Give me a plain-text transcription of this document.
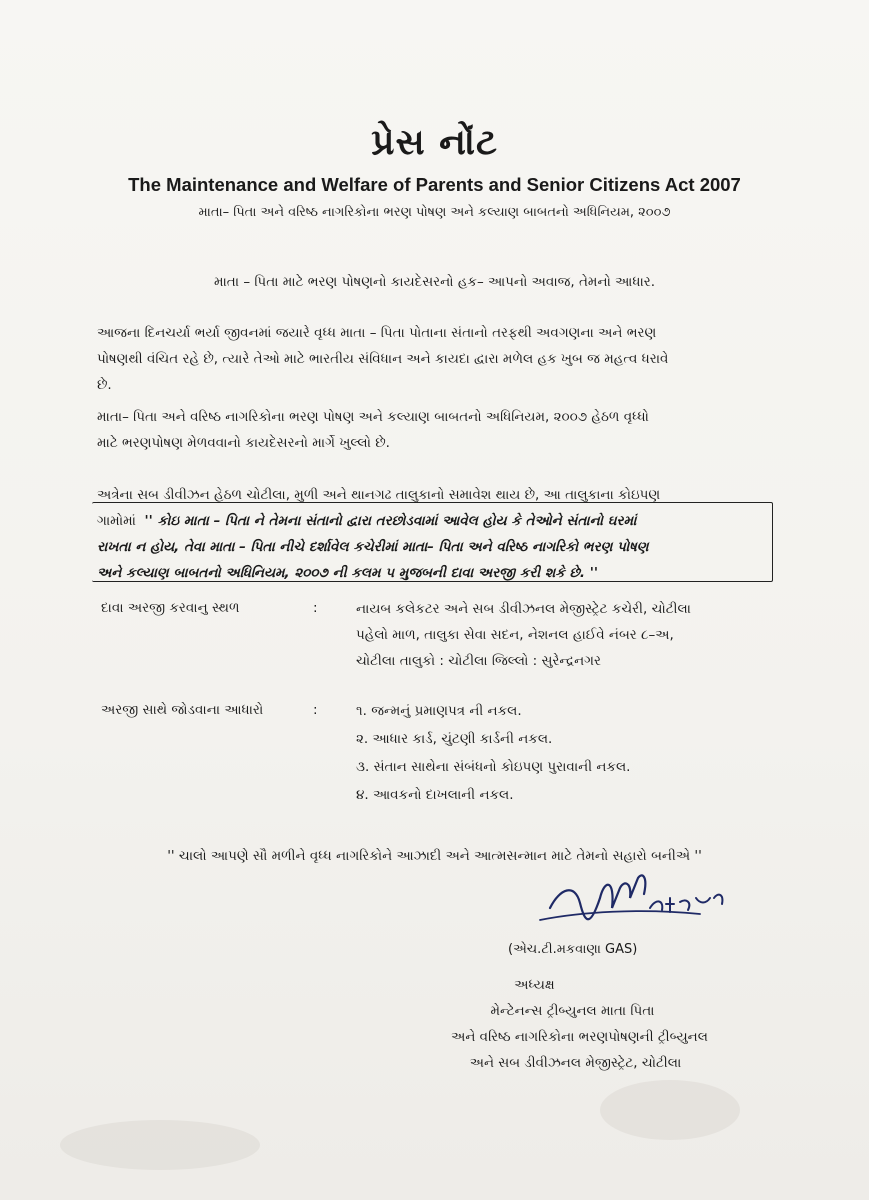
પ્રેસ નોંટ
The Maintenance and Welfare of Parents and Senior Citizens Act 2007
માતા– પિતા અને વરિષ્ઠ નાગરિકોના ભરણ પોષણ અને કલ્યાણ બાબતનો અધિનિયમ, ૨૦૦૭
માતા – પિતા માટે ભરણ પોષણનો કાયદેસરનો હક– આપનો અવાજ, તેમનો આધાર.
આજના દિનચર્યા ભર્યા જીવનમાં જયારે વૃધ્ધ માતા – પિતા પોતાના સંતાનો તરફથી અવગણના અને ભરણ
પોષણથી વંચિત રહે છે, ત્યારે તેઓ માટે ભારતીય સંવિધાન અને કાયદા દ્વારા મળેલ હક ખુબ જ મહત્વ ધરાવે
છે.
માતા– પિતા અને વરિષ્ઠ નાગરિકોના ભરણ પોષણ અને કલ્યાણ બાબતનો અધિનિયમ, ૨૦૦૭ હેઠળ વૃધ્ધો
માટે ભરણપોષણ મેળવવાનો કાયદેસરનો માર્ગે ખુલ્લો છે.
અત્રેના સબ ડીવીઝન હેઠળ ચોટીલા, મુળી અને થાનગઢ તાલુકાનો સમાવેશ થાય છે, આ તાલુકાના કોઇપણ
ગામોમાં '' કોઇ માતા – પિતા ને તેમના સંતાનો દ્વારા તરછોડવામાં આવેલ હોય કે તેઓને સંતાનો ઘરમાં
રાખતા ન હોય, તેવા માતા – પિતા નીચે દર્શાવેલ કચેરીમાં માતા– પિતા અને વરિષ્ઠ નાગરિકો ભરણ પોષણ
અને કલ્યાણ બાબતનો અધિનિયમ, ૨૦૦૭ ની કલમ ૫ મુજબની દાવા અરજી કરી શકે છે. ''
દાવા અરજી કરવાનુ સ્થળ	:	નાયબ કલેકટર અને સબ ડીવીઝનલ મેજીસ્ટ્રેટ કચેરી, ચોટીલા
પહેલો માળ, તાલુકા સેવા સદન, નેશનલ હાઈવે નંબર ૮–અ,
ચોટીલા તાલુકો : ચોટીલા જિલ્લો : સુરેન્દ્રનગર
અરજી સાથે જોડવાના આધારો	:	૧. જન્મનું પ્રમાણપત્ર ની નકલ.
૨. આધાર કાર્ડ, ચુંટણી કાર્ડની નકલ.
૩. સંતાન સાથેના સંબંધનો કોઇપણ પુરાવાની નકલ.
૪. આવકનો દાખલાની નકલ.
'' ચાલો આપણે સૌ મળીને વૃધ્ધ નાગરિકોને આઝાદી અને આત્મસન્માન માટે તેમનો સહારો બનીએ ''
(એચ.ટી.મકવાણા GAS)
અધ્યક્ષ
મેન્ટેનન્સ ટ્રીબ્યુનલ માતા પિતા
અને વરિષ્ઠ નાગરિકોના ભરણપોષણની ટ્રીબ્યુનલ
અને સબ ડીવીઝનલ મેજીસ્ટ્રેટ, ચોટીલા
